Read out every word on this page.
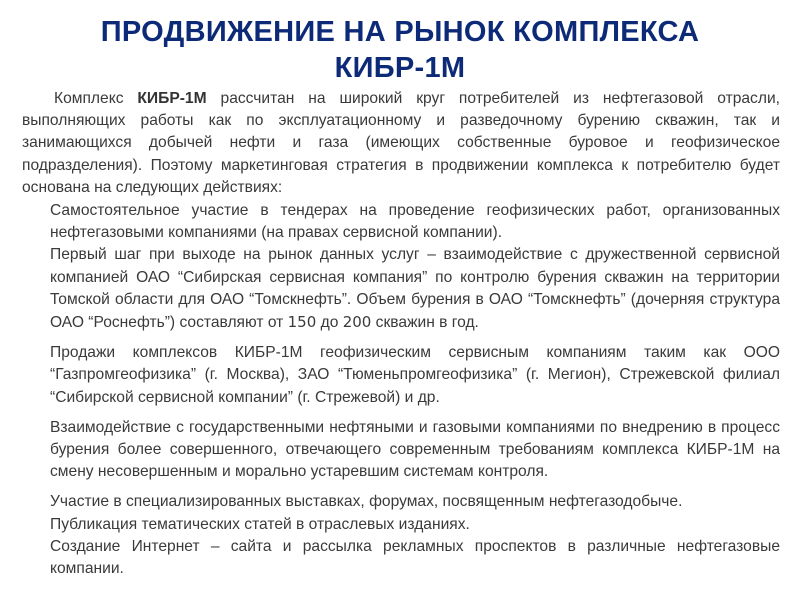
ПРОДВИЖЕНИЕ НА РЫНОК КОМПЛЕКСА
КИБР-1М

Комплекс КИБР-1М рассчитан на широкий круг потребителей из нефтегазовой отрасли, выполняющих работы как по эксплуатационному и разведочному бурению скважин, так и занимающихся добычей нефти и газа (имеющих собственные буровое и геофизическое подразделения). Поэтому маркетинговая стратегия в продвижении комплекса к потребителю будет основана на следующих действиях:

Самостоятельное участие в тендерах на проведение геофизических работ, организованных нефтегазовыми компаниями (на правах сервисной компании).
Первый шаг при выходе на рынок данных услуг – взаимодействие с дружественной сервисной компанией ОАО “Сибирская сервисная компания” по контролю бурения скважин на территории Томской области для ОАО “Томскнефть”. Объем бурения в ОАО “Томскнефть” (дочерняя структура ОАО “Роснефть”) составляют от 150 до 200 скважин в год.
Продажи комплексов КИБР-1М геофизическим сервисным компаниям таким как ООО “Газпромгеофизика” (г. Москва), ЗАО “Тюменьпромгеофизика” (г. Мегион), Стрежевской филиал “Сибирской сервисной компании” (г. Стрежевой) и др.
Взаимодействие с государственными нефтяными и газовыми компаниями по внедрению в процесс бурения более совершенного, отвечающего современным требованиям комплекса КИБР-1М на смену несовершенным и морально устаревшим системам контроля.
Участие в специализированных выставках, форумах, посвященным нефтегазодобыче.
Публикация тематических статей в отраслевых изданиях.
Создание Интернет – сайта и рассылка рекламных проспектов в различные нефтегазовые компании.
